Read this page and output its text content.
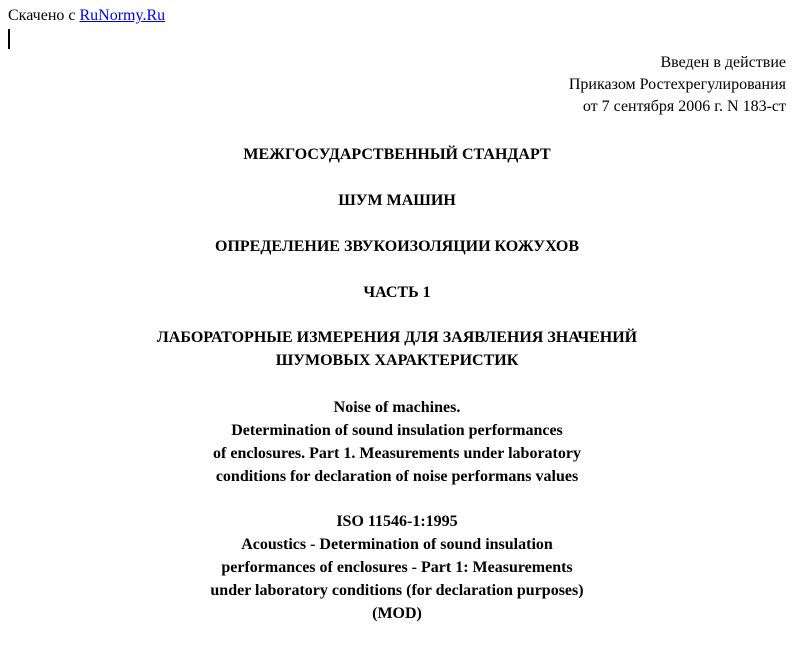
Скачено с RuNormy.Ru
Введен в действие
Приказом Ростехрегулирования
от 7 сентября 2006 г. N 183-ст
МЕЖГОСУДАРСТВЕННЫЙ СТАНДАРТ
ШУМ МАШИН
ОПРЕДЕЛЕНИЕ ЗВУКОИЗОЛЯЦИИ КОЖУХОВ
ЧАСТЬ 1
ЛАБОРАТОРНЫЕ ИЗМЕРЕНИЯ ДЛЯ ЗАЯВЛЕНИЯ ЗНАЧЕНИЙ
ШУМОВЫХ ХАРАКТЕРИСТИК
Noise of machines.
Determination of sound insulation performances
of enclosures. Part 1. Measurements under laboratory
conditions for declaration of noise performans values
ISO 11546-1:1995
Acoustics - Determination of sound insulation
performances of enclosures - Part 1: Measurements
under laboratory conditions (for declaration purposes)
(MOD)
